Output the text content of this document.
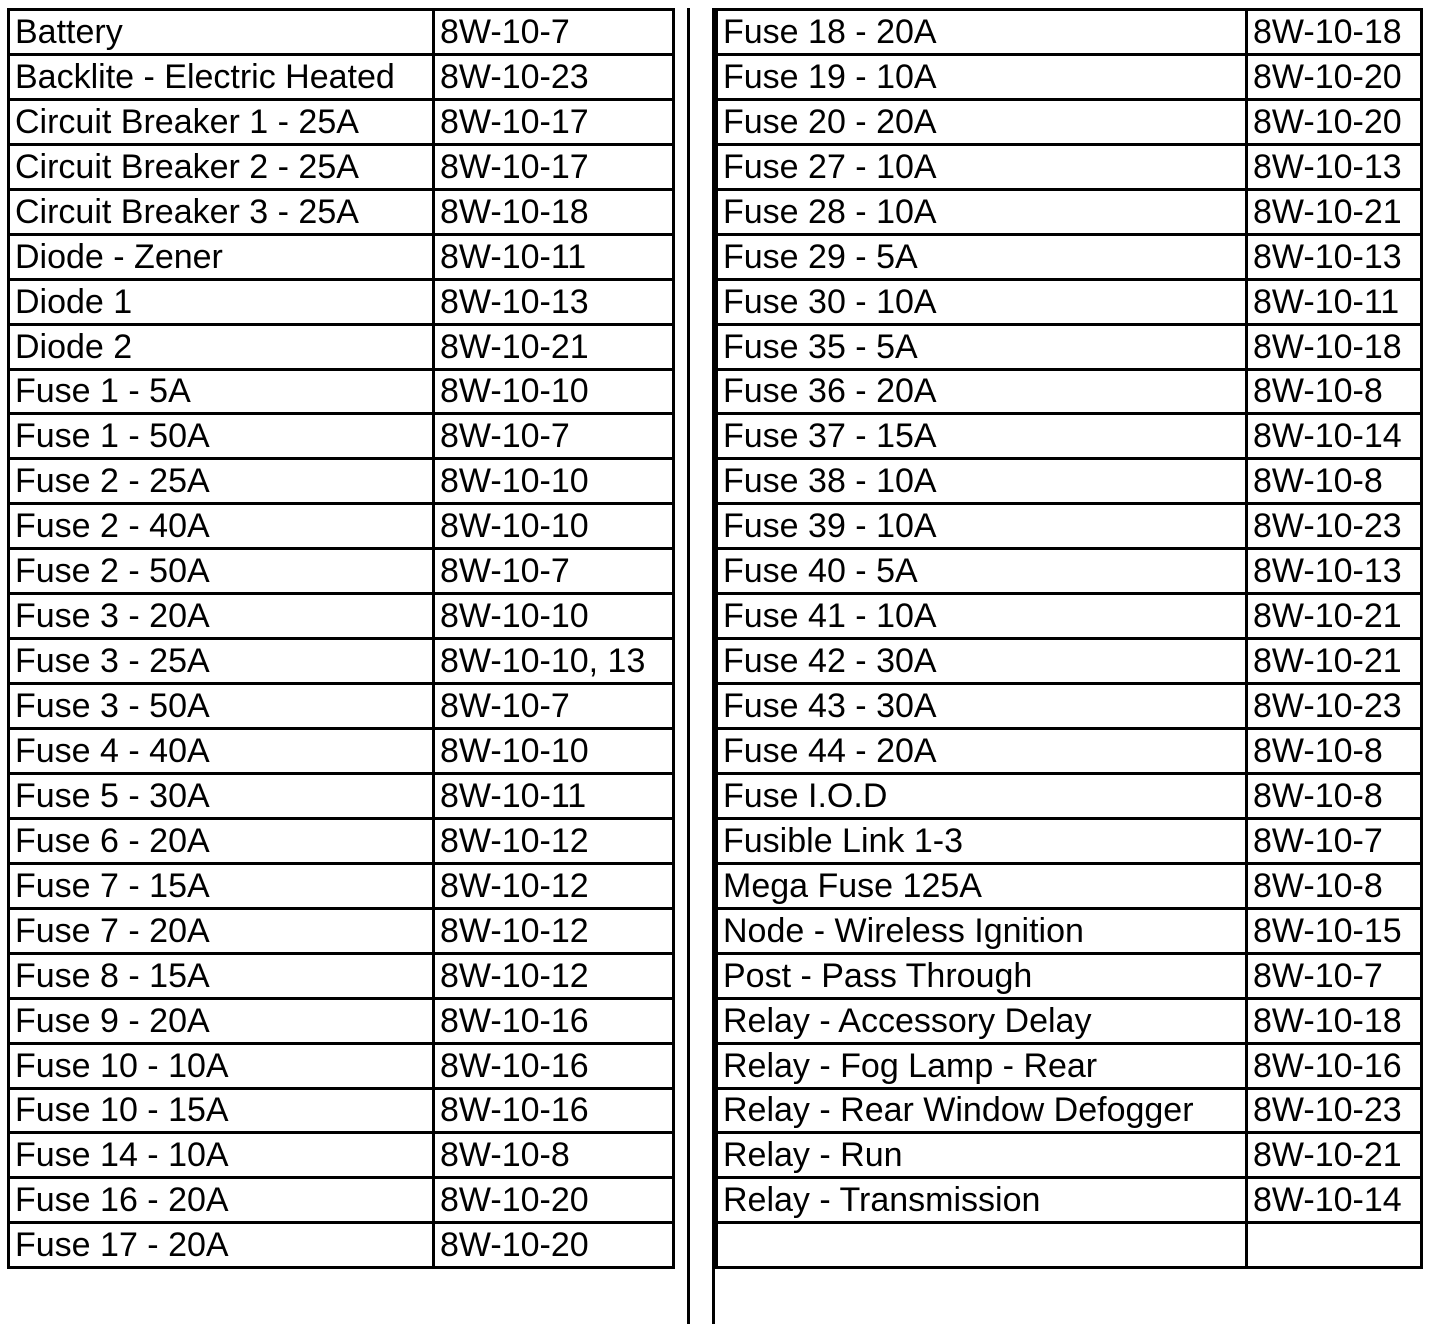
Battery	8W-10-7
Backlite - Electric Heated	8W-10-23
Circuit Breaker 1 - 25A	8W-10-17
Circuit Breaker 2 - 25A	8W-10-17
Circuit Breaker 3 - 25A	8W-10-18
Diode - Zener	8W-10-11
Diode 1	8W-10-13
Diode 2	8W-10-21
Fuse 1 - 5A	8W-10-10
Fuse 1 - 50A	8W-10-7
Fuse 2 - 25A	8W-10-10
Fuse 2 - 40A	8W-10-10
Fuse 2 - 50A	8W-10-7
Fuse 3 - 20A	8W-10-10
Fuse 3 - 25A	8W-10-10, 13
Fuse 3 - 50A	8W-10-7
Fuse 4 - 40A	8W-10-10
Fuse 5 - 30A	8W-10-11
Fuse 6 - 20A	8W-10-12
Fuse 7 - 15A	8W-10-12
Fuse 7 - 20A	8W-10-12
Fuse 8 - 15A	8W-10-12
Fuse 9 - 20A	8W-10-16
Fuse 10 - 10A	8W-10-16
Fuse 10 - 15A	8W-10-16
Fuse 14 - 10A	8W-10-8
Fuse 16 - 20A	8W-10-20
Fuse 17 - 20A	8W-10-20
Fuse 18 - 20A	8W-10-18
Fuse 19 - 10A	8W-10-20
Fuse 20 - 20A	8W-10-20
Fuse 27 - 10A	8W-10-13
Fuse 28 - 10A	8W-10-21
Fuse 29 - 5A	8W-10-13
Fuse 30 - 10A	8W-10-11
Fuse 35 - 5A	8W-10-18
Fuse 36 - 20A	8W-10-8
Fuse 37 - 15A	8W-10-14
Fuse 38 - 10A	8W-10-8
Fuse 39 - 10A	8W-10-23
Fuse 40 - 5A	8W-10-13
Fuse 41 - 10A	8W-10-21
Fuse 42 - 30A	8W-10-21
Fuse 43 - 30A	8W-10-23
Fuse 44 - 20A	8W-10-8
Fuse I.O.D	8W-10-8
Fusible Link 1‑3	8W-10-7
Mega Fuse 125A	8W-10-8
Node - Wireless Ignition	8W-10-15
Post - Pass Through	8W-10-7
Relay - Accessory Delay	8W-10-18
Relay - Fog Lamp - Rear	8W-10-16
Relay - Rear Window Defogger	8W-10-23
Relay - Run	8W-10-21
Relay - Transmission	8W-10-14
